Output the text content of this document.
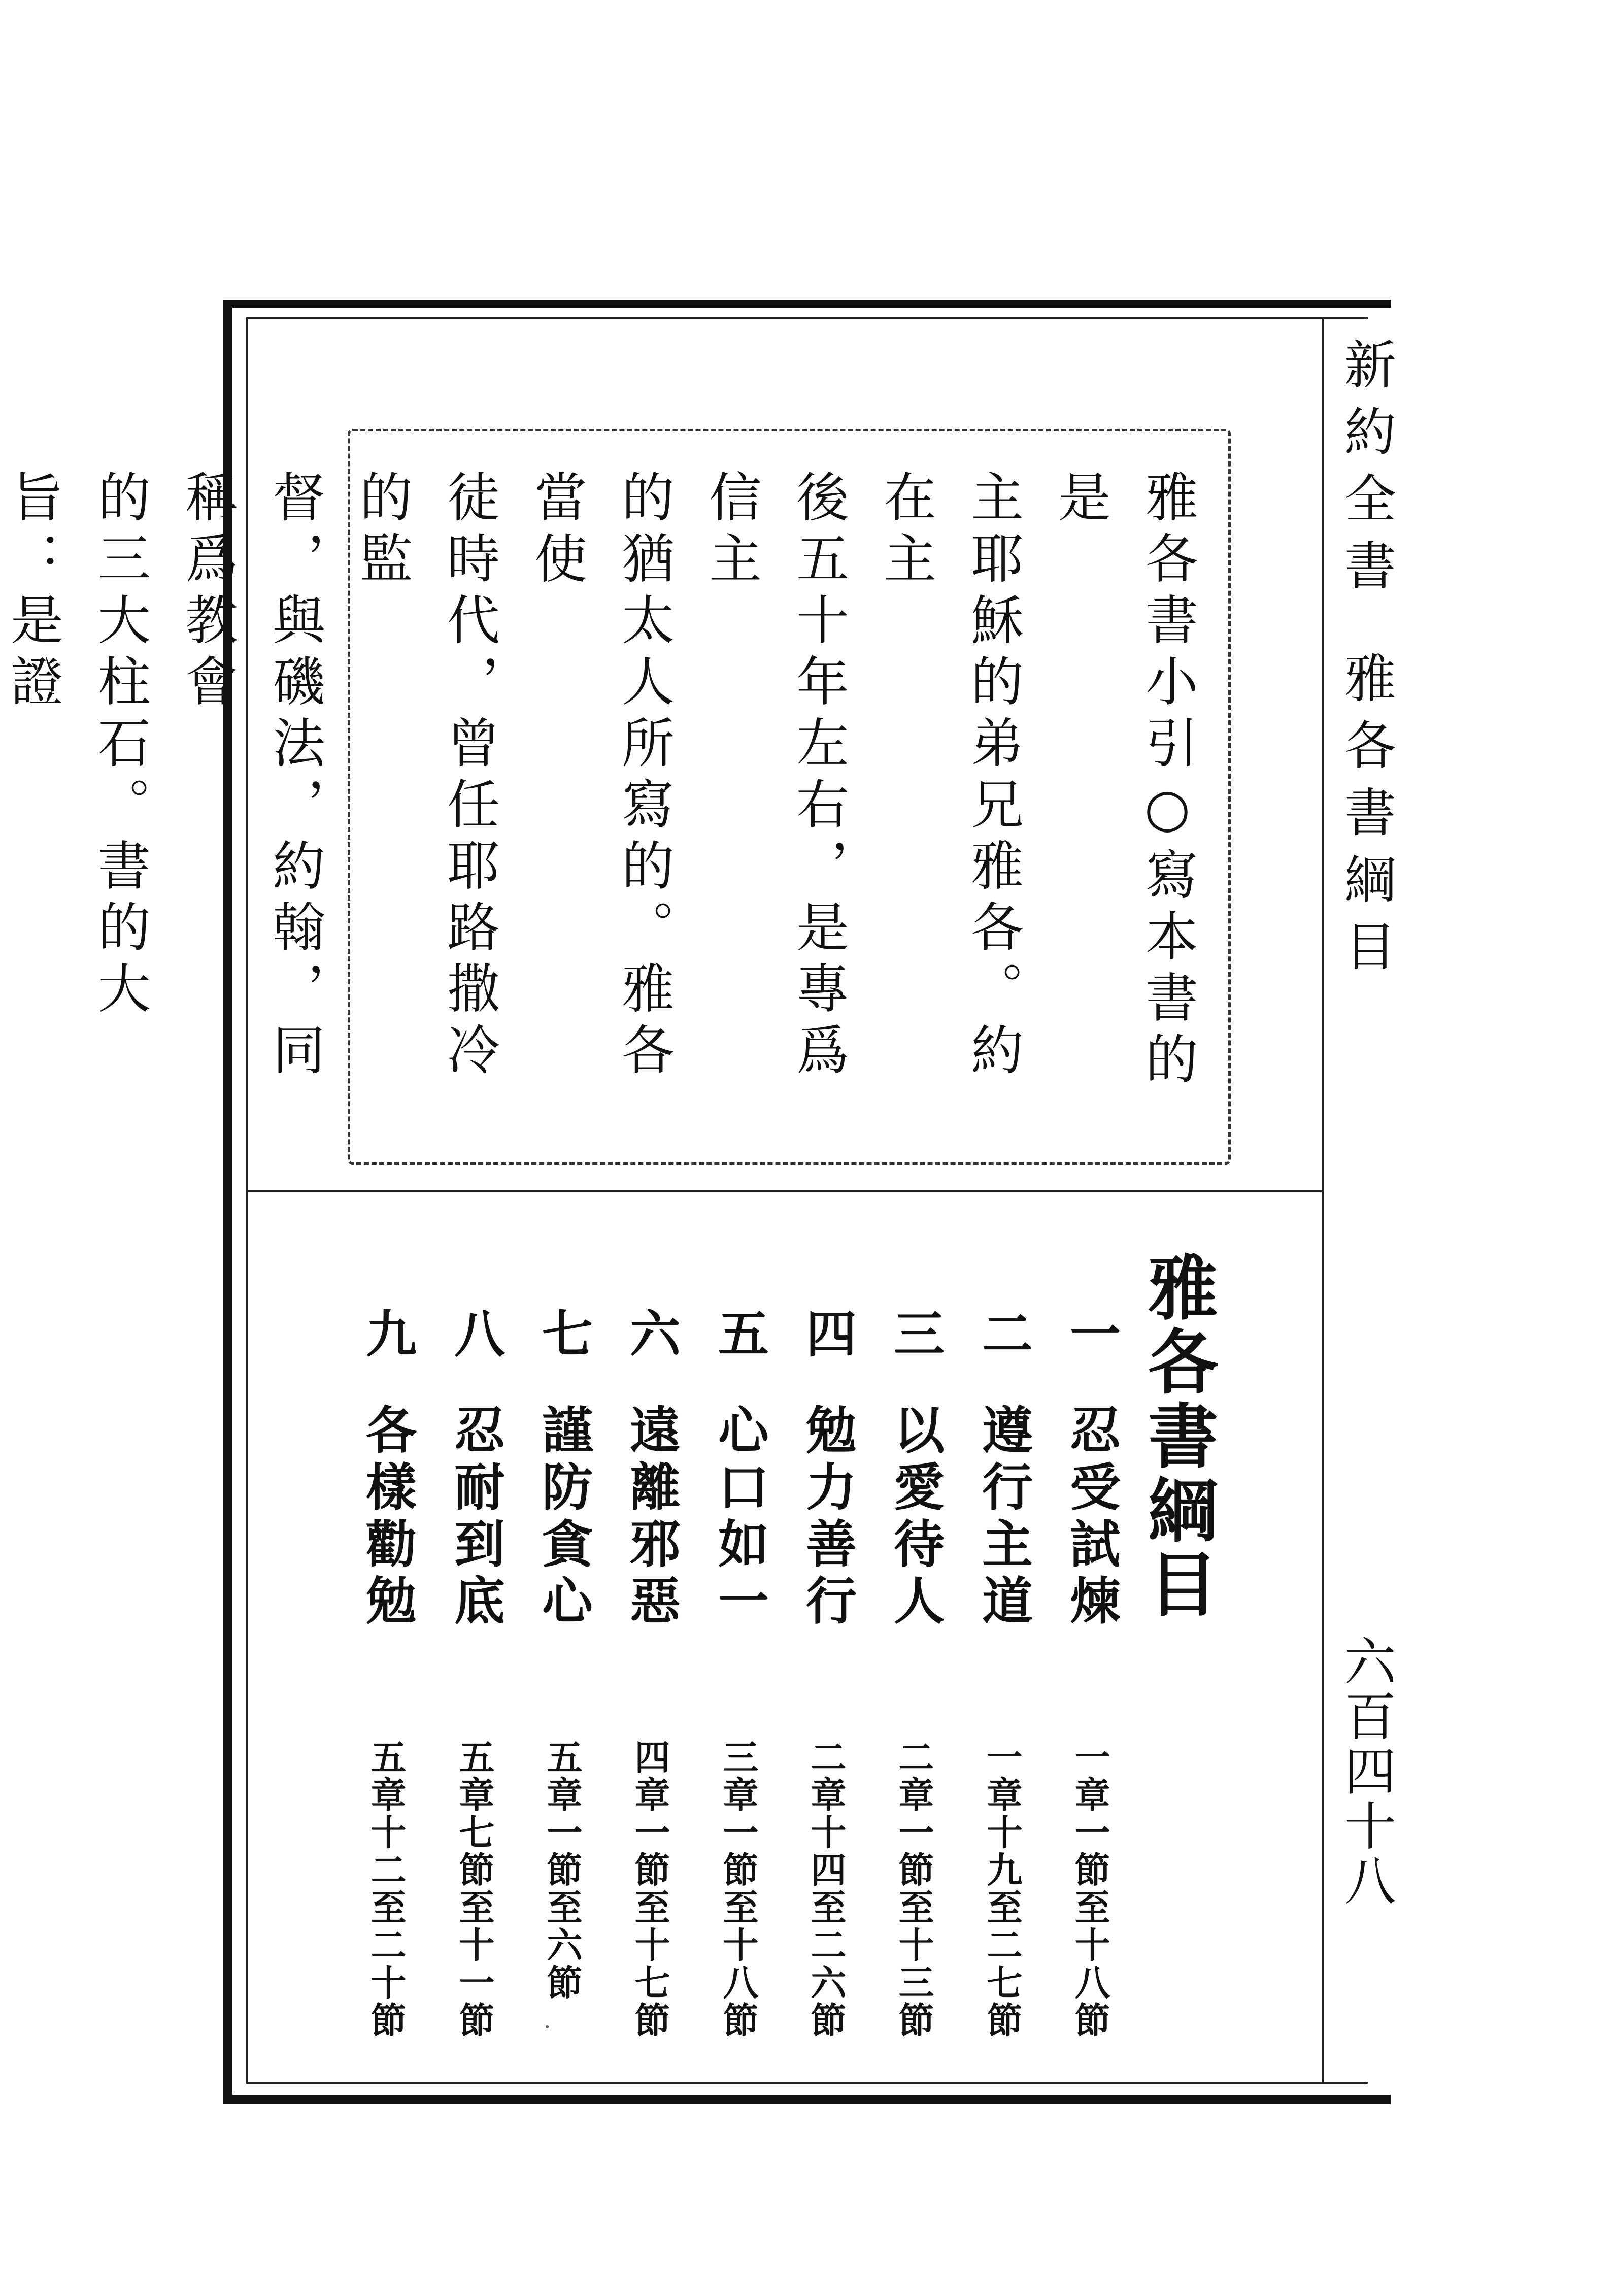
新約全書雅各書綱目
六百四十八

雅各書小引○寫本書的是
主耶穌的弟兄雅各。約在主
後五十年左右，是專爲信主
的猶太人所寫的。雅各當使
徒時代，曾任耶路撒冷的監
督，與磯法，約翰，同稱爲教會
的三大柱石。書的大旨：是證

雅各書綱目
一
忍受試煉
一章一節至十八節
二
遵行主道
一章十九至二七節
三
以愛待人
二章一節至十三節
四
勉力善行
二章十四至二六節
五
心口如一
三章一節至十八節
六
遠離邪惡
四章一節至十七節
七
謹防貪心
五章一節至六節
八
忍耐到底
五章七節至十一節
九
各樣勸勉
五章十二至二十節
